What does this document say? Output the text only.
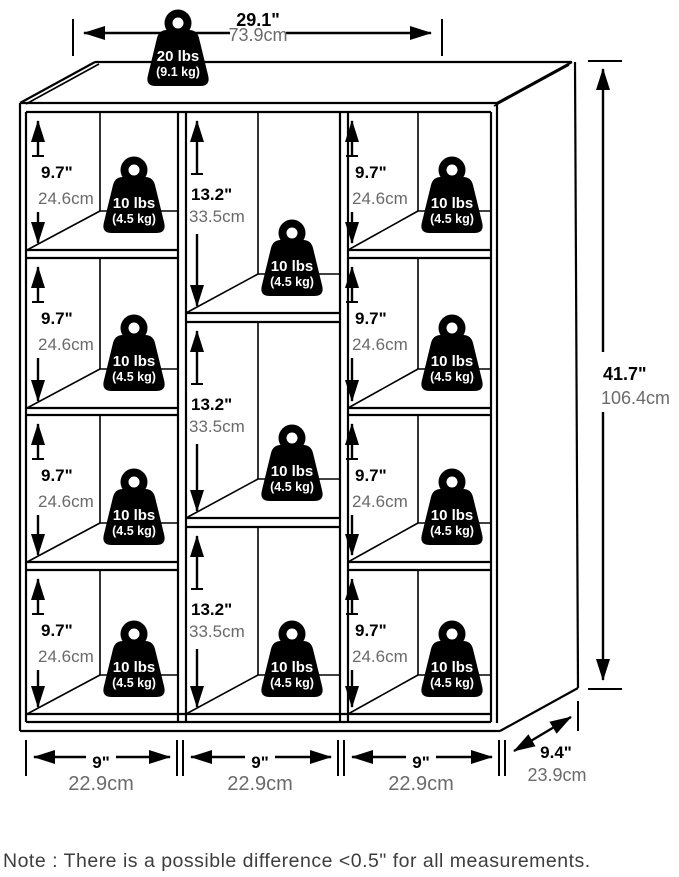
29.1"
73.9cm
20 lbs
(9.1 kg)
10 lbs
(4.5 kg)
10 lbs
(4.5 kg)
10 lbs
(4.5 kg)
10 lbs
(4.5 kg)
10 lbs
(4.5 kg)
10 lbs
(4.5 kg)
10 lbs
(4.5 kg)
10 lbs
(4.5 kg)
10 lbs
(4.5 kg)
10 lbs
(4.5 kg)
10 lbs
(4.5 kg)
9.7"
24.6cm
9.7"
24.6cm
9.7"
24.6cm
9.7"
24.6cm
13.2"
33.5cm
13.2"
33.5cm
13.2"
33.5cm
9.7"
24.6cm
9.7"
24.6cm
9.7"
24.6cm
9.7"
24.6cm
41.7"
106.4cm
9"
22.9cm
9"
22.9cm
9"
22.9cm
9.4"
23.9cm
Note : There is a possible difference <0.5" for all measurements.
